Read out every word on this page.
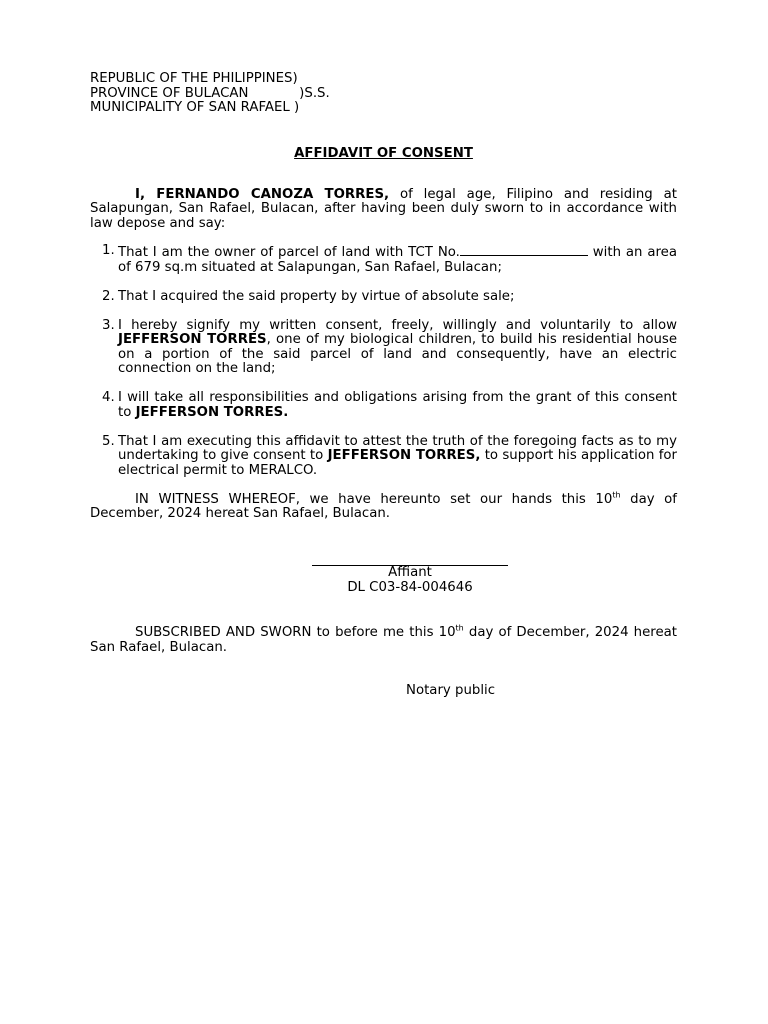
REPUBLIC OF THE PHILIPPINES)
PROVINCE OF BULACAN            )S.S.
MUNICIPALITY OF SAN RAFAEL )
AFFIDAVIT OF CONSENT
I, FERNANDO CANOZA TORRES, of legal age, Filipino and residing at Salapungan, San Rafael, Bulacan, after having been duly sworn to in accordance with law depose and say:
1. That I am the owner of parcel of land with TCT No.	with an area of 679 sq.m situated at Salapungan, San Rafael, Bulacan;
2. That I acquired the said property by virtue of absolute sale;
3. I hereby signify my written consent, freely, willingly and voluntarily to allow JEFFERSON TORRES, one of my biological children, to build his residential house on a portion of the said parcel of land and consequently, have an electric connection on the land;
4. I will take all responsibilities and obligations arising from the grant of this consent to JEFFERSON TORRES.
5. That I am executing this affidavit to attest the truth of the foregoing facts as to my undertaking to give consent to JEFFERSON TORRES, to support his application for electrical permit to MERALCO.
IN WITNESS WHEREOF, we have hereunto set our hands this 10th day of December, 2024 hereat San Rafael, Bulacan.
Affiant
DL C03-84-004646
SUBSCRIBED AND SWORN to before me this 10th day of December, 2024 hereat San Rafael, Bulacan.
Notary public
